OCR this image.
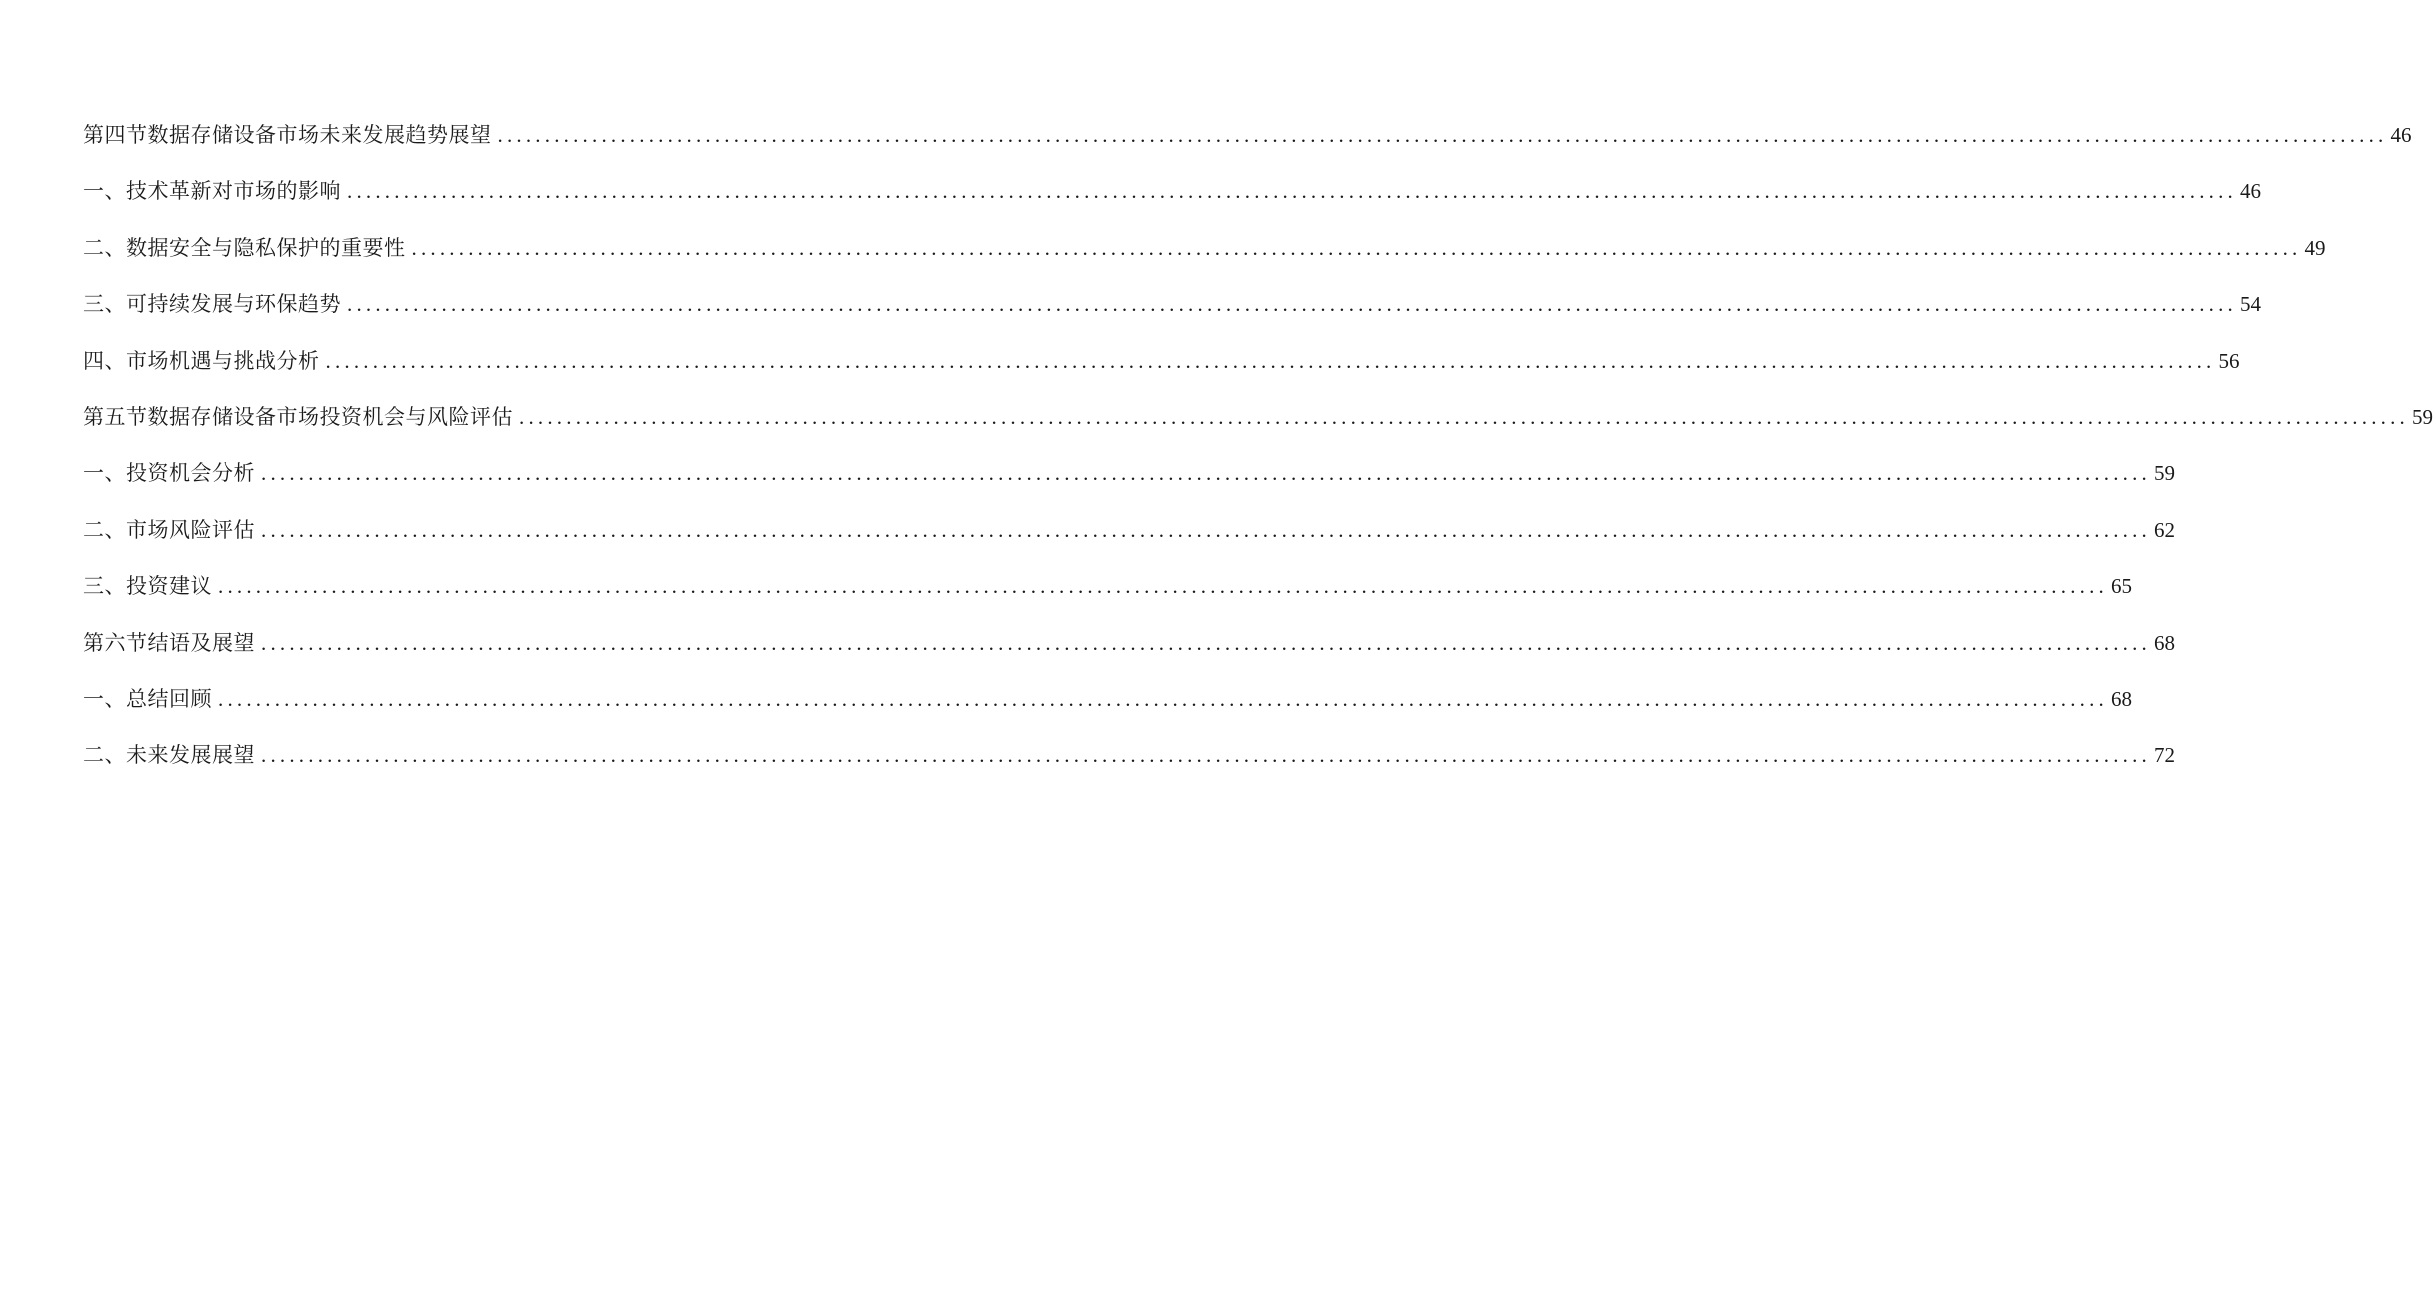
第四节数据存储设备市场未来发展趋势展望 ........................................................................................................................................................................................................ 46
一、技术革新对市场的影响 ........................................................................................................................................................................................................ 46
二、数据安全与隐私保护的重要性 ........................................................................................................................................................................................................ 49
三、可持续发展与环保趋势 ........................................................................................................................................................................................................ 54
四、市场机遇与挑战分析 ........................................................................................................................................................................................................ 56
第五节数据存储设备市场投资机会与风险评估 ........................................................................................................................................................................................................ 59
一、投资机会分析 ........................................................................................................................................................................................................ 59
二、市场风险评估 ........................................................................................................................................................................................................ 62
三、投资建议 ........................................................................................................................................................................................................ 65
第六节结语及展望 ........................................................................................................................................................................................................ 68
一、总结回顾 ........................................................................................................................................................................................................ 68
二、未来发展展望 ........................................................................................................................................................................................................ 72
